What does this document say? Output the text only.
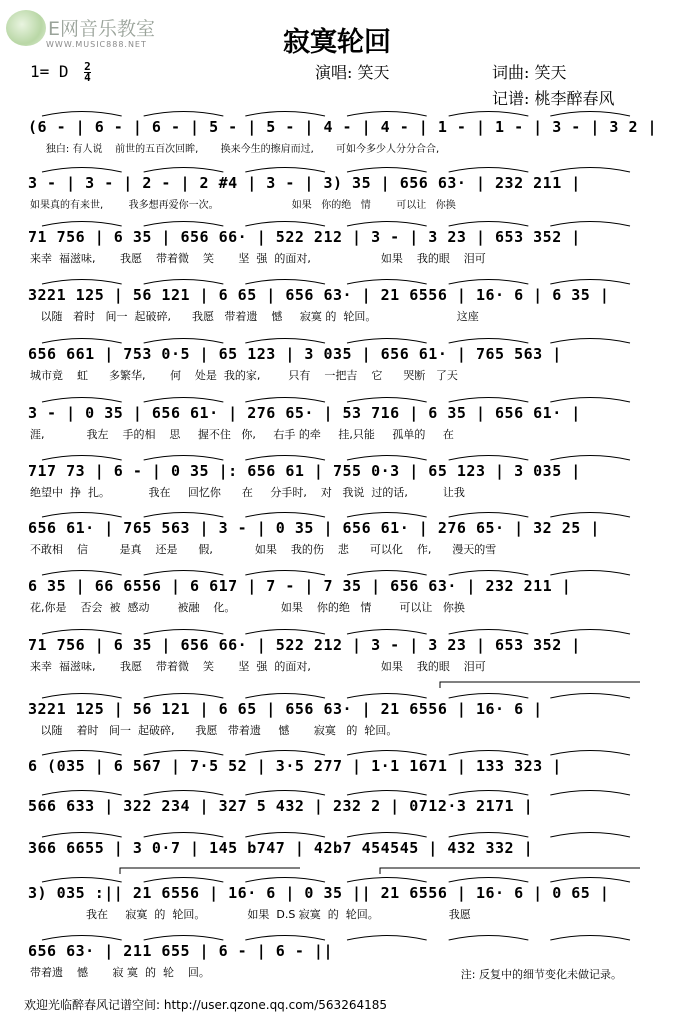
E网音乐教室
WWW.MUSIC888.NET	寂寞轮回
1= D $\frac{2}{4}$	演唱: 笑天	词曲: 笑天
记谱: 桃李醉春风
(6 - | 6 - | 6 - | 5 - | 5 - | 4 - | 4 - | 1 - | 1 - | 3 - | 3 2 |
独白: 有人说    前世的五百次回眸,       换来今生的擦肩而过,       可如今多少人分分合合,
3 - | 3 - | 2 - | 2 #4 | 3 - | 3) 35 | 656 63· | 232 211 |
如果真的有来世,        我多想再爱你一次。                       如果   你的绝   情        可以让   你换
71 756 | 6 35 | 656 66· | 522 212 | 3 - | 3 23 | 653 352 |
来幸  福滋味,       我愿    带着微    笑       坚  强  的面对,                    如果    我的眼    泪可
3221 125 | 56 121 | 6 65 | 656 63· | 21 6556 | 16· 6 | 6 35 |
以随   着时   间一  起破碎,      我愿   带着遗    憾     寂寞 的  轮回。                       这座
656 661 | 753 0·5 | 65 123 | 3 035 | 656 61· | 765 563 |
城市竟    虹      多繁华,       何    处是  我的家,        只有    一把吉    它      哭断   了天
3 - | 0 35 | 656 61· | 276 65· | 53 716 | 6 35 | 656 61· |
涯,            我左    手的相    思     握不住   你,     右手 的牵     挂,只能     孤单的     在
717 73 | 6 - | 0 35 |: 656 61 | 755 0·3 | 65 123 | 3 035 |
绝望中  挣  扎。           我在     回忆你      在     分手时,    对   我说  过的话,          让我
656 61· | 765 563 | 3 - | 0 35 | 656 61· | 276 65· | 32 25 |
不敢相    信         是真    还是      假,            如果    我的伤    悲      可以化    作,      漫天的雪
6 35 | 66 6556 | 6 617 | 7 - | 7 35 | 656 63· | 232 211 |
花,你是    否会  被  感动        被融    化。             如果    你的绝   情        可以让   你换
71 756 | 6 35 | 656 66· | 522 212 | 3 - | 3 23 | 653 352 |
来幸  福滋味,       我愿    带着微    笑       坚  强  的面对,                    如果    我的眼    泪可
3221 125 | 56 121 | 6 65 | 656 63· | 21 6556 | 16· 6 |
以随    着时   间一  起破碎,      我愿   带着遗     憾       寂寞   的  轮回。
6 (035 | 6 567 | 7·5 52 | 3·5 277 | 1·1 1671 | 133 323 |
566 633 | 322 234 | 327 5 432 | 232 2 | 0712·3 2171 |
366 6655 | 3 0·7 | 145 b747 | 42b7 454545 | 432 332 |
3) 035 :|| 21 6556 | 16· 6 | 0 35 || 21 6556 | 16· 6 | 0 65 |
我在     寂寞  的  轮回。            如果  D.S 寂寞  的  轮回。                    我愿
656 63· | 211 655 | 6 - | 6 - ||
带着遗    憾       寂 寞  的  轮    回。	注: 反复中的细节变化未做记录。
欢迎光临醉春风记谱空间: http://user.qzone.qq.com/563264185
